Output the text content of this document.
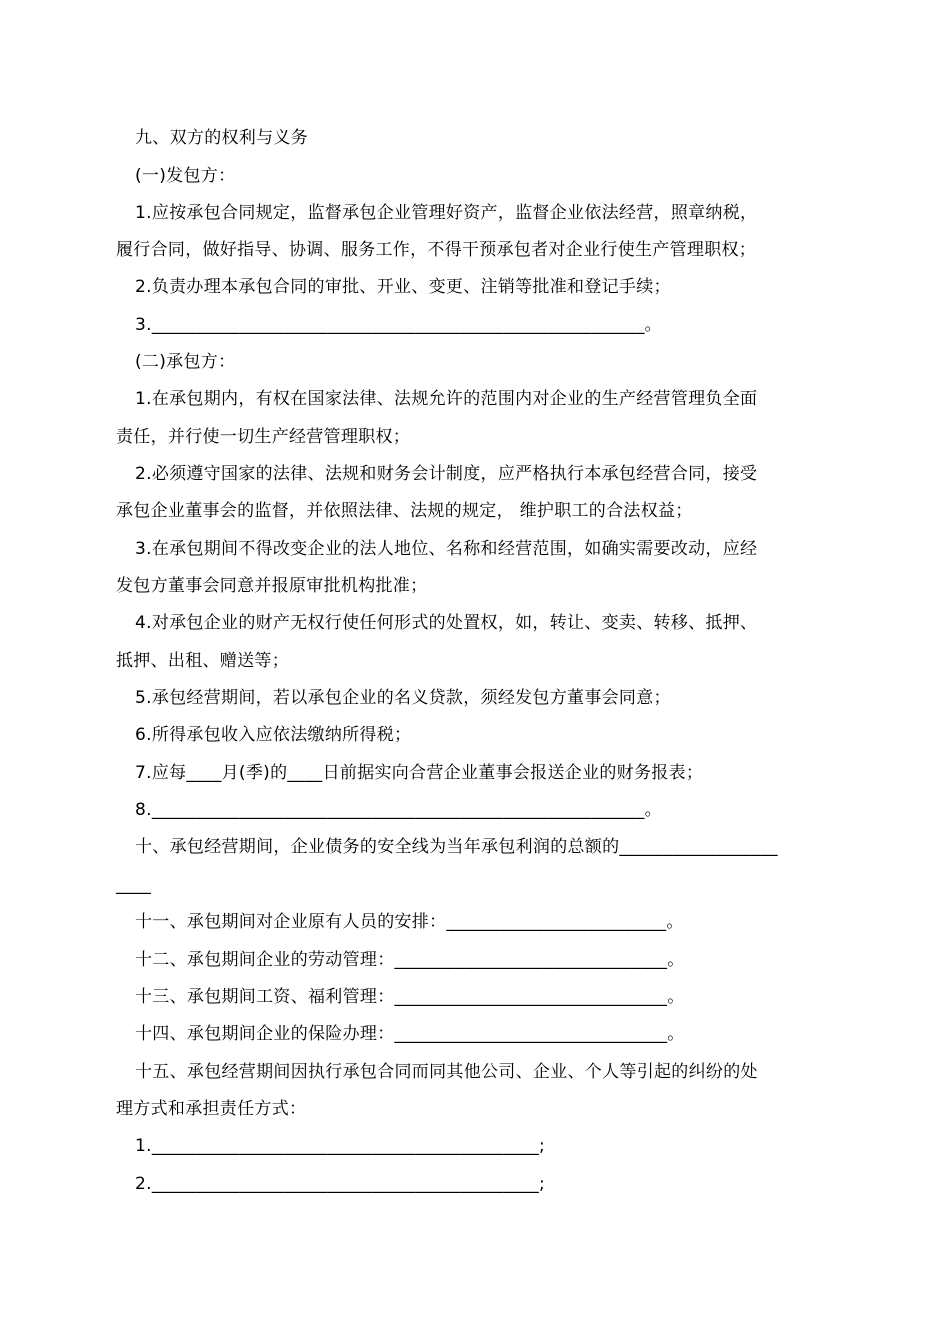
九、双方的权利与义务
(一)发包方：
1.应按承包合同规定，监督承包企业管理好资产，监督企业依法经营，照章纳税，
履行合同，做好指导、协调、服务工作，不得干预承包者对企业行使生产管理职权；
2.负责办理本承包合同的审批、开业、变更、注销等批准和登记手续；
3.________________________________________________________。
(二)承包方：
1.在承包期内，有权在国家法律、法规允许的范围内对企业的生产经营管理负全面
责任，并行使一切生产经营管理职权；
2.必须遵守国家的法律、法规和财务会计制度，应严格执行本承包经营合同，接受
承包企业董事会的监督，并依照法律、法规的规定， 维护职工的合法权益；
3.在承包期间不得改变企业的法人地位、名称和经营范围，如确实需要改动，应经
发包方董事会同意并报原审批机构批准；
4.对承包企业的财产无权行使任何形式的处置权，如，转让、变卖、转移、抵押、
抵押、出租、赠送等；
5.承包经营期间，若以承包企业的名义贷款，须经发包方董事会同意；
6.所得承包收入应依法缴纳所得税；
7.应每____月(季)的____日前据实向合营企业董事会报送企业的财务报表；
8.________________________________________________________。
十、承包经营期间，企业债务的安全线为当年承包利润的总额的__________________
____
十一、承包期间对企业原有人员的安排：_________________________。
十二、承包期间企业的劳动管理：_______________________________。
十三、承包期间工资、福利管理：_______________________________。
十四、承包期间企业的保险办理：_______________________________。
十五、承包经营期间因执行承包合同而同其他公司、企业、个人等引起的纠纷的处
理方式和承担责任方式：
1.____________________________________________;
2.____________________________________________;
